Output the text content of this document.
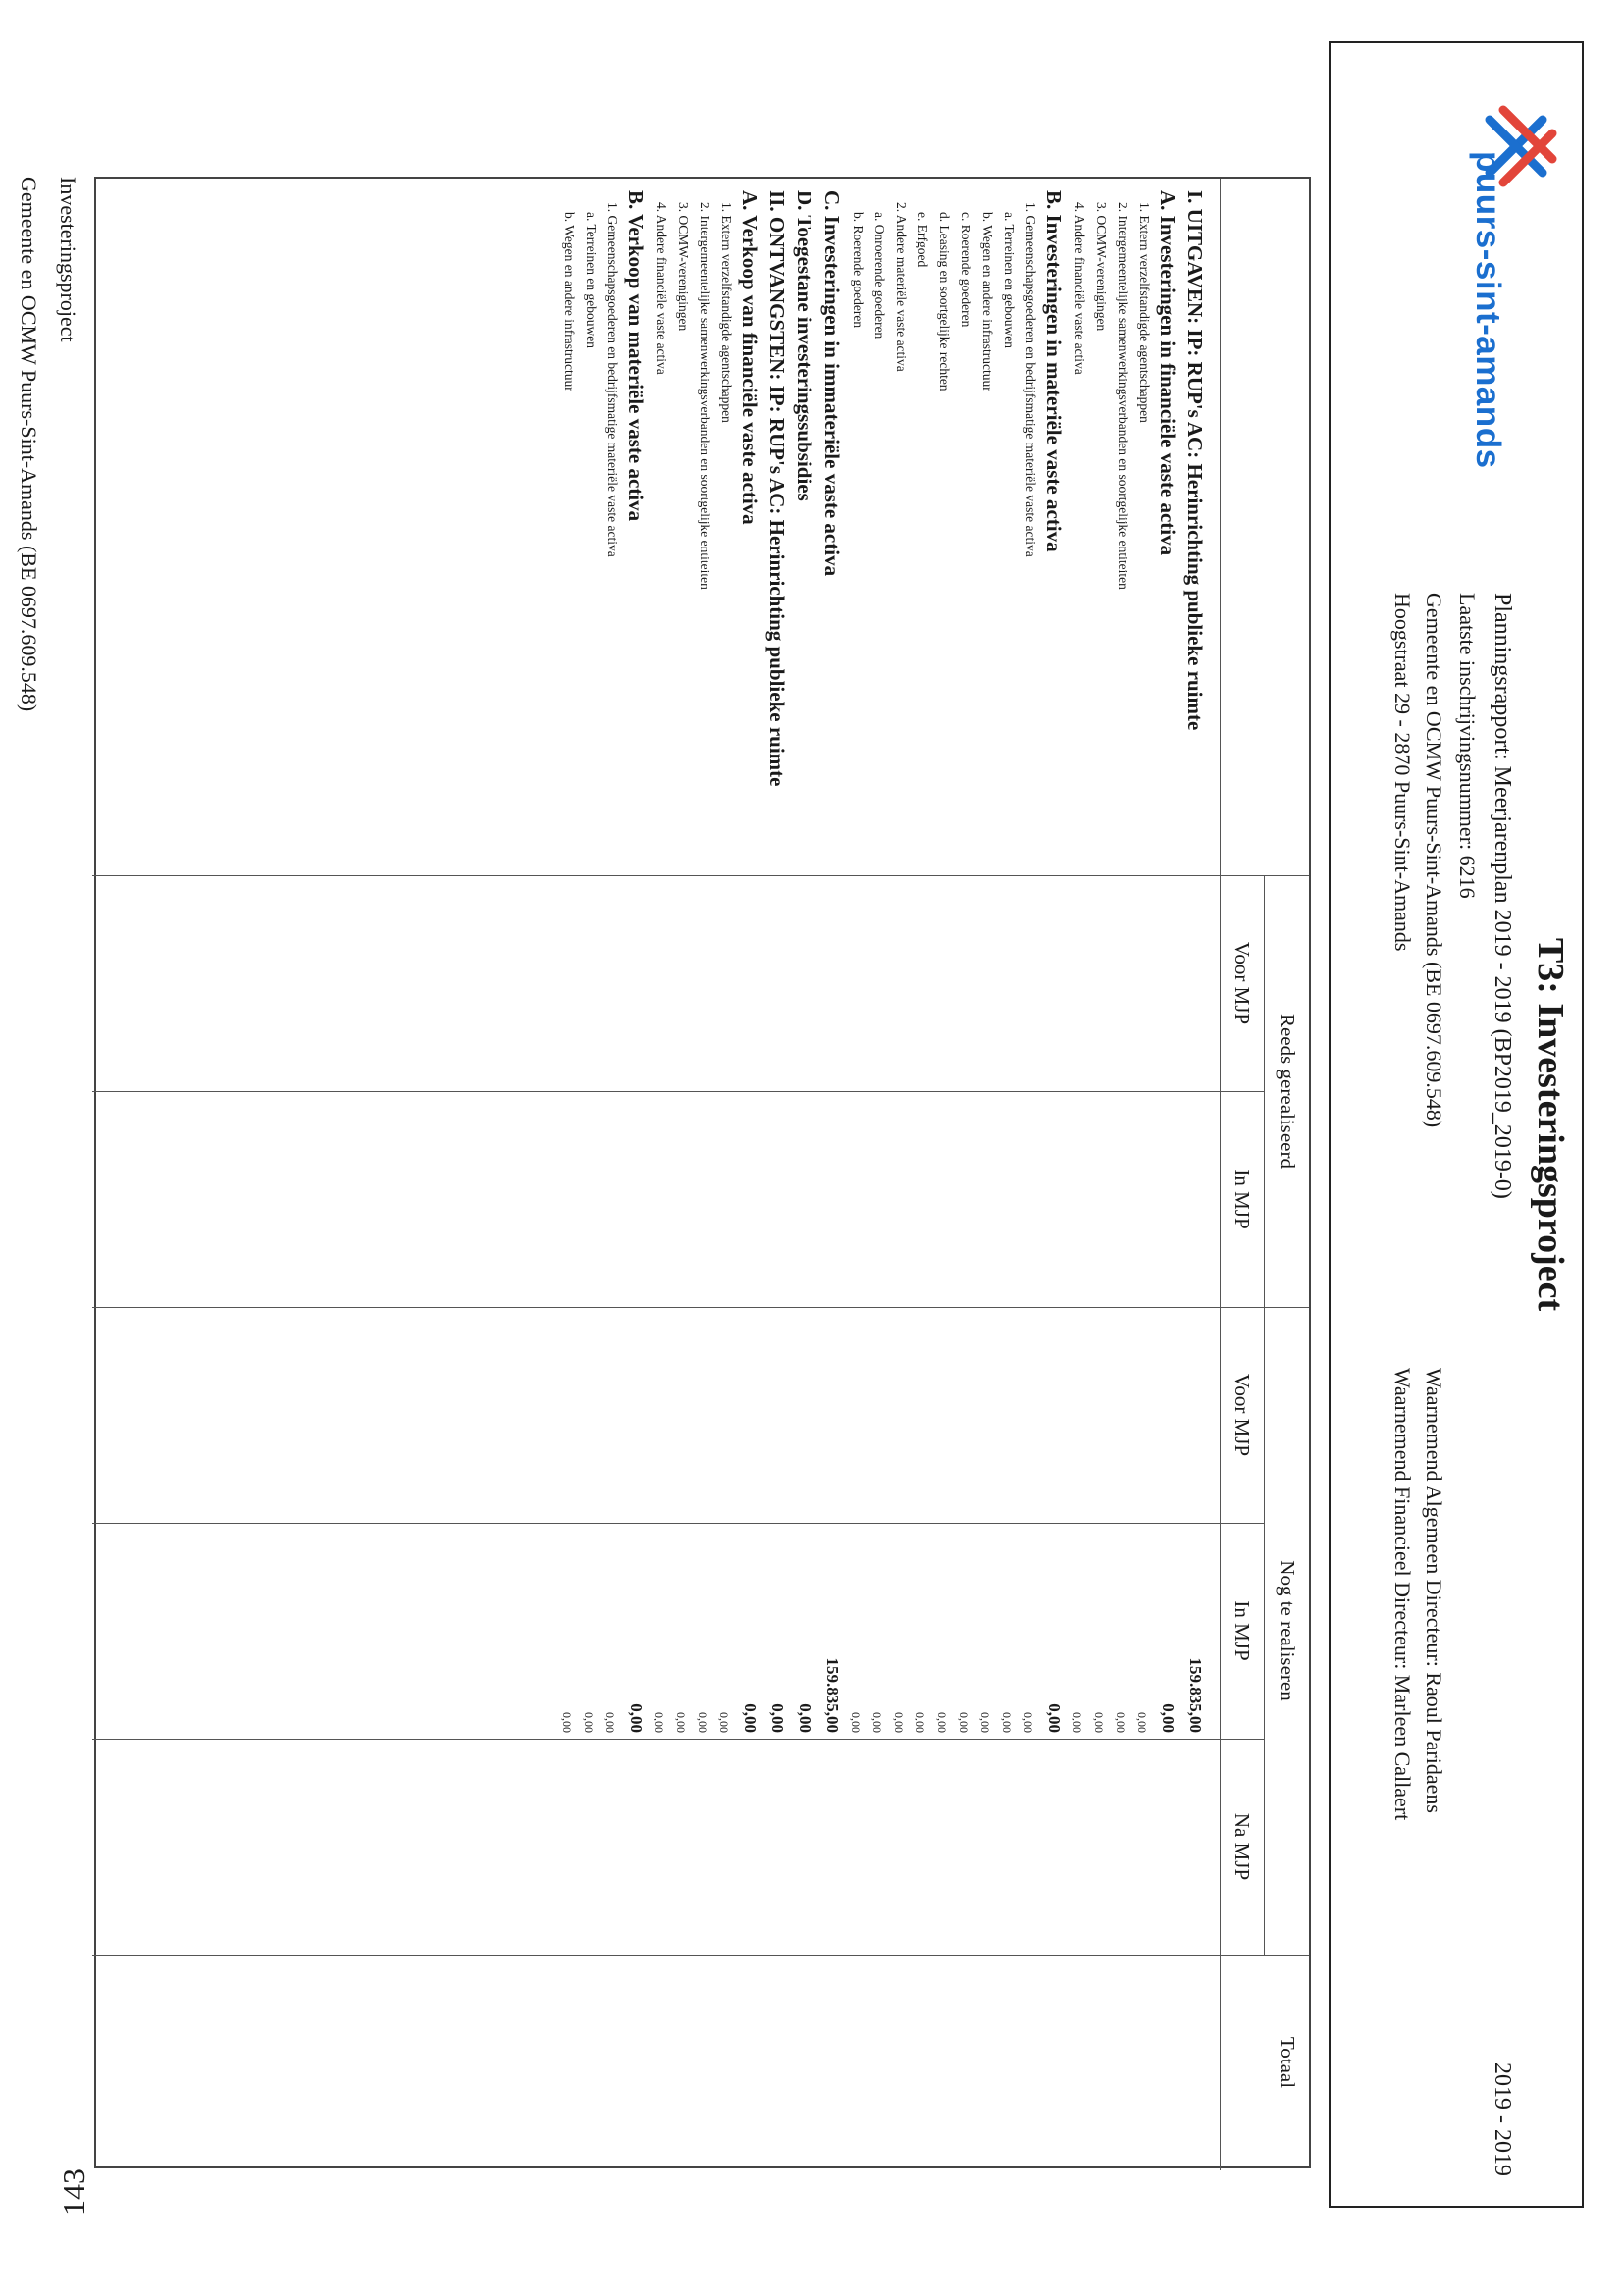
puurs-sint-amands
T3: Investeringsproject
Planningsrapport: Meerjarenplan 2019 - 2019 (BP2019_2019-0)
2019 - 2019
Laatste inschrijvingsnummer: 6216
Gemeente en OCMW Puurs-Sint-Amands (BE 0697.609.548)
Hoogstraat 29 - 2870 Puurs-Sint-Amands
Waarnemend Algemeen Directeur: Raoul Paridaens
Waarnemend Financieel Directeur: Marleen Callaert
Reeds gerealiseerd
Nog te realiseren
Totaal
Voor MJP
In MJP
Voor MJP
In MJP
Na MJP
I. UITGAVEN: IP: RUP's AC: Herinrichting publieke ruimte
159.835,00
A. Investeringen in financiële vaste activa
0,00
1. Extern verzelfstandigde agentschappen
0,00
2. Intergemeentelijke samenwerkingsverbanden en soortgelijke entiteiten
0,00
3. OCMW-verenigingen
0,00
4. Andere financiële vaste activa
0,00
B. Investeringen in materiële vaste activa
0,00
1. Gemeenschapsgoederen en bedrijfsmatige materiële vaste activa
0,00
a. Terreinen en gebouwen
0,00
b. Wegen en andere infrastructuur
0,00
c. Roerende goederen
0,00
d. Leasing en soortgelijke rechten
0,00
e. Erfgoed
0,00
2. Andere materiële vaste activa
0,00
a. Onroerende goederen
0,00
b. Roerende goederen
0,00
C. Investeringen in immateriële vaste activa
159.835,00
D. Toegestane investeringssubsidies
0,00
II. ONTVANGSTEN: IP: RUP's AC: Herinrichting publieke ruimte
0,00
A. Verkoop van financiële vaste activa
0,00
1. Extern verzelfstandigde agentschappen
0,00
2. Intergemeentelijke samenwerkingsverbanden en soortgelijke entiteiten
0,00
3. OCMW-verenigingen
0,00
4. Andere financiële vaste activa
0,00
B. Verkoop van materiële vaste activa
0,00
1. Gemeenschapsgoederen en bedrijfsmatige materiële vaste activa
0,00
a. Terreinen en gebouwen
0,00
b. Wegen en andere infrastructuur
0,00
Investeringsproject
Gemeente en OCMW Puurs-Sint-Amands (BE 0697.609.548)
143
